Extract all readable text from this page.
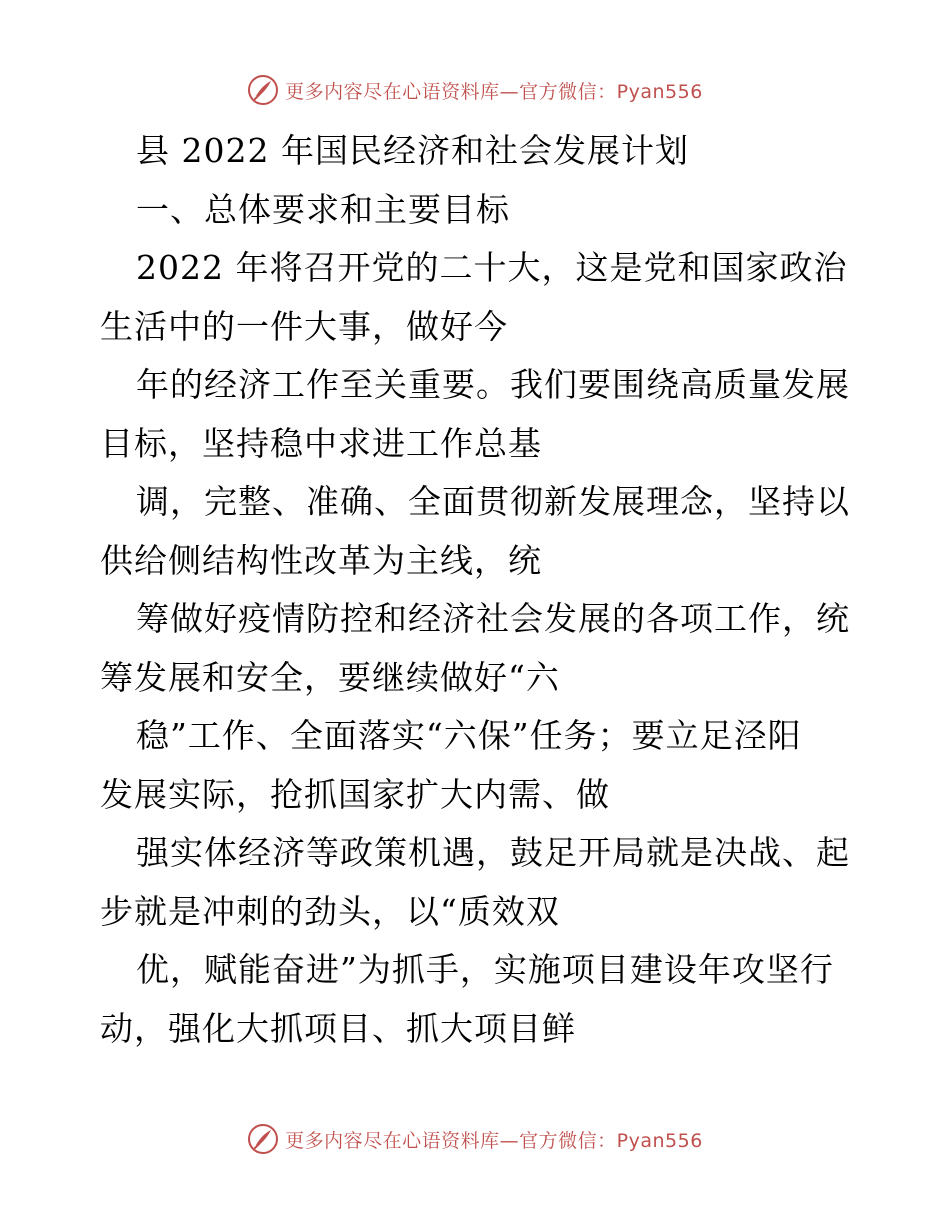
更多内容尽在心语资料库—官方微信：Pyan556
县 2022 年国民经济和社会发展计划
一、总体要求和主要目标
2022 年将召开党的二十大，这是党和国家政治
生活中的一件大事，做好今
年的经济工作至关重要。我们要围绕高质量发展
目标，坚持稳中求进工作总基
调，完整、准确、全面贯彻新发展理念，坚持以
供给侧结构性改革为主线，统
筹做好疫情防控和经济社会发展的各项工作，统
筹发展和安全，要继续做好“六
稳”工作、全面落实“六保”任务；要立足泾阳
发展实际，抢抓国家扩大内需、做
强实体经济等政策机遇，鼓足开局就是决战、起
步就是冲刺的劲头，以“质效双
优，赋能奋进”为抓手，实施项目建设年攻坚行
动，强化大抓项目、抓大项目鲜
更多内容尽在心语资料库—官方微信：Pyan556
